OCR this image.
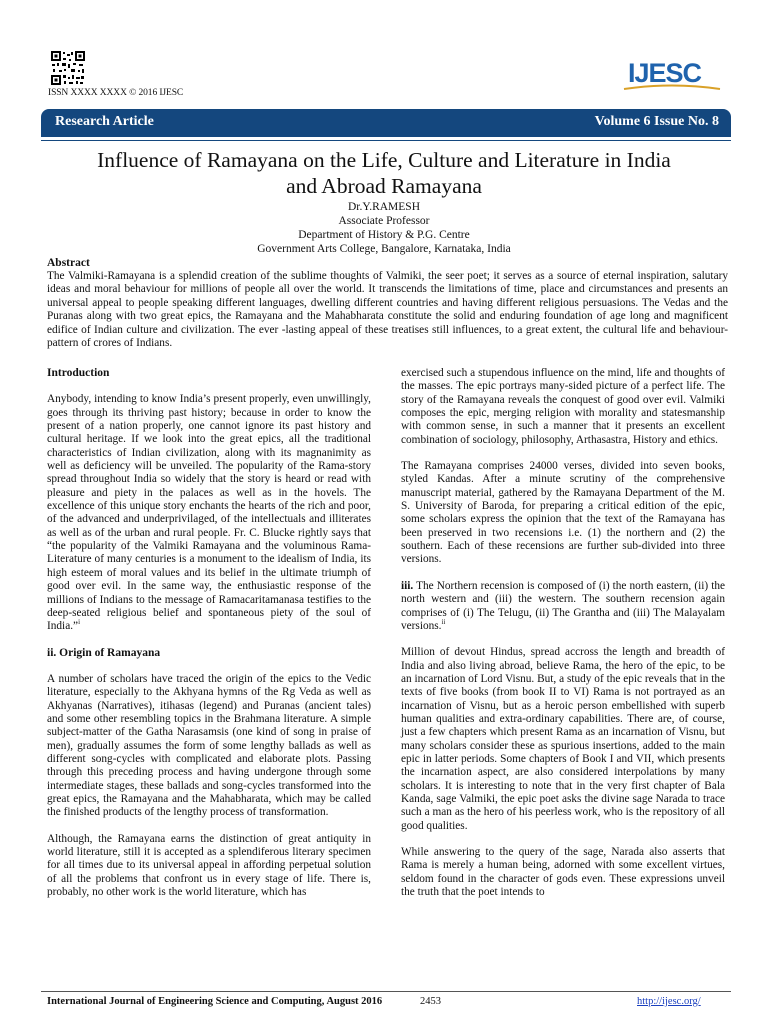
ISSN XXXX XXXX © 2016 IJESC
IJESC
Research Article	Volume 6 Issue No. 8
Influence of Ramayana on the Life, Culture and Literature in India
and Abroad Ramayana
Dr.Y.RAMESH
Associate Professor
Department of History & P.G. Centre
Government Arts College, Bangalore, Karnataka, India
Abstract
The Valmiki-Ramayana is a splendid creation of the sublime thoughts of Valmiki, the seer poet; it serves as a source of eternal inspiration, salutary ideas and moral behaviour for millions of people all over the world. It transcends the limitations of time, place and circumstances and presents an universal appeal to people speaking different languages, dwelling different countries and having different religious persuasions. The Vedas and the Puranas along with two great epics, the Ramayana and the Mahabharata constitute the solid and enduring foundation of age long and magnificent edifice of Indian culture and civilization. The ever -lasting appeal of these treatises still influences, to a great extent, the cultural life and behaviour-pattern of crores of Indians.
Introduction

Anybody, intending to know India’s present properly, even unwillingly, goes through its thriving past history; because in order to know the present of a nation properly, one cannot ignore its past history and cultural heritage. If we look into the great epics, all the traditional characteristics of Indian civilization, along with its magnanimity as well as deficiency will be unveiled. The popularity of the Rama-story spread throughout India so widely that the story is heard or read with pleasure and piety in the palaces as well as in the hovels. The excellence of this unique story enchants the hearts of the rich and poor, of the advanced and underprivilaged, of the intellectuals and illiterates as well as of the urban and rural people. Fr. C. Blucke rightly says that “the popularity of the Valmiki Ramayana and the voluminous Rama-Literature of many centuries is a monument to the idealism of India, its high esteem of moral values and its belief in the ultimate triumph of good over evil. In the same way, the enthusiastic response of the millions of Indians to the message of Ramacaritamanasa testifies to the deep-seated religious belief and spontaneous piety of the soul of India.”$^i$

ii. Origin of Ramayana

A number of scholars have traced the origin of the epics to the Vedic literature, especially to the Akhyana hymns of the Rg Veda as well as Akhyanas (Narratives), itihasas (legend) and Puranas (ancient tales) and some other resembling topics in the Brahmana literature. A simple subject-matter of the Gatha Narasamsis (one kind of song in praise of men), gradually assumes the form of some lengthy ballads as well as different song-cycles with complicated and elaborate plots. Passing through this preceding process and having undergone through some intermediate stages, these ballads and song-cycles transformed into the great epics, the Ramayana and the Mahabharata, which may be called the finished products of the lengthy process of transformation.

Although, the Ramayana earns the distinction of great antiquity in world literature, still it is accepted as a splendiferous literary specimen for all times due to its universal appeal in affording perpetual solution of all the problems that confront us in every stage of life. There is, probably, no other work is the world literature, which has

exercised such a stupendous influence on the mind, life and thoughts of the masses. The epic portrays many-sided picture of a perfect life. The story of the Ramayana reveals the conquest of good over evil. Valmiki composes the epic, merging religion with morality and statesmanship with common sense, in such a manner that it presents an excellent combination of sociology, philosophy, Arthasastra, History and ethics.

The Ramayana comprises 24000 verses, divided into seven books, styled Kandas. After a minute scrutiny of the comprehensive manuscript material, gathered by the Ramayana Department of the M. S. University of Baroda, for preparing a critical edition of the epic, some scholars express the opinion that the text of the Ramayana has been preserved in two recensions i.e. (1) the northern and (2) the southern. Each of these recensions are further sub-divided into three versions.

iii. The Northern recension is composed of (i) the north eastern, (ii) the north western and (iii) the western. The southern recension again comprises of (i) The Telugu, (ii) The Grantha and (iii) The Malayalam versions.$^{ii}$

Million of devout Hindus, spread accross the length and breadth of India and also living abroad, believe Rama, the hero of the epic, to be an incarnation of Lord Visnu. But, a study of the epic reveals that in the texts of five books (from book II to VI) Rama is not portrayed as an incarnation of Visnu, but as a heroic person embellished with superb human qualities and extra-ordinary capabilities. There are, of course, just a few chapters which present Rama as an incarnation of Visnu, but many scholars consider these as spurious insertions, added to the main epic in latter periods. Some chapters of Book I and VII, which presents the incarnation aspect, are also considered interpolations by many scholars. It is interesting to note that in the very first chapter of Bala Kanda, sage Valmiki, the epic poet asks the divine sage Narada to trace such a man as the hero of his peerless work, who is the repository of all good qualities.

While answering to the query of the sage, Narada also asserts that Rama is merely a human being, adorned with some excellent virtues, seldom found in the character of gods even. These expressions unveil the truth that the poet intends to

International Journal of Engineering Science and Computing, August 2016	2453	http://ijesc.org/
